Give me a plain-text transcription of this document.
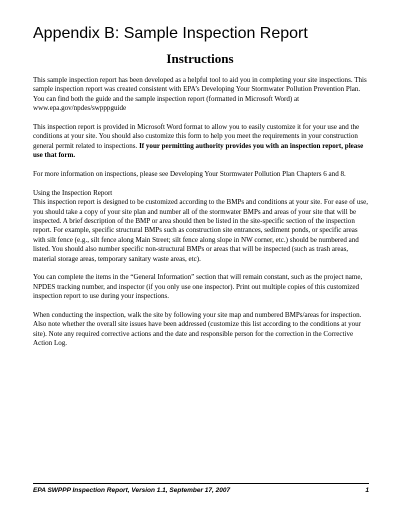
Appendix B: Sample Inspection Report
Instructions

This sample inspection report has been developed as a helpful tool to aid you in completing your site inspections. This sample inspection report was created consistent with EPA’s Developing Your Stormwater Pollution Prevention Plan. You can find both the guide and the sample inspection report (formatted in Microsoft Word) at www.epa.gov/npdes/swpppguide

This inspection report is provided in Microsoft Word format to allow you to easily customize it for your use and the conditions at your site. You should also customize this form to help you meet the requirements in your construction general permit related to inspections. If your permitting authority provides you with an inspection report, please use that form.

For more information on inspections, please see Developing Your Stormwater Pollution Plan Chapters 6 and 8.

Using the Inspection Report

This inspection report is designed to be customized according to the BMPs and conditions at your site. For ease of use, you should take a copy of your site plan and number all of the stormwater BMPs and areas of your site that will be inspected. A brief description of the BMP or area should then be listed in the site-specific section of the inspection report. For example, specific structural BMPs such as construction site entrances, sediment ponds, or specific areas with silt fence (e.g., silt fence along Main Street; silt fence along slope in NW corner, etc.) should be numbered and listed. You should also number specific non-structural BMPs or areas that will be inspected (such as trash areas, material storage areas, temporary sanitary waste areas, etc).

You can complete the items in the “General Information” section that will remain constant, such as the project name, NPDES tracking number, and inspector (if you only use one inspector). Print out multiple copies of this customized inspection report to use during your inspections.

When conducting the inspection, walk the site by following your site map and numbered BMPs/areas for inspection. Also note whether the overall site issues have been addressed (customize this list according to the conditions at your site). Note any required corrective actions and the date and responsible person for the correction in the Corrective Action Log.

EPA SWPPP Inspection Report, Version 1.1, September 17, 2007	1
